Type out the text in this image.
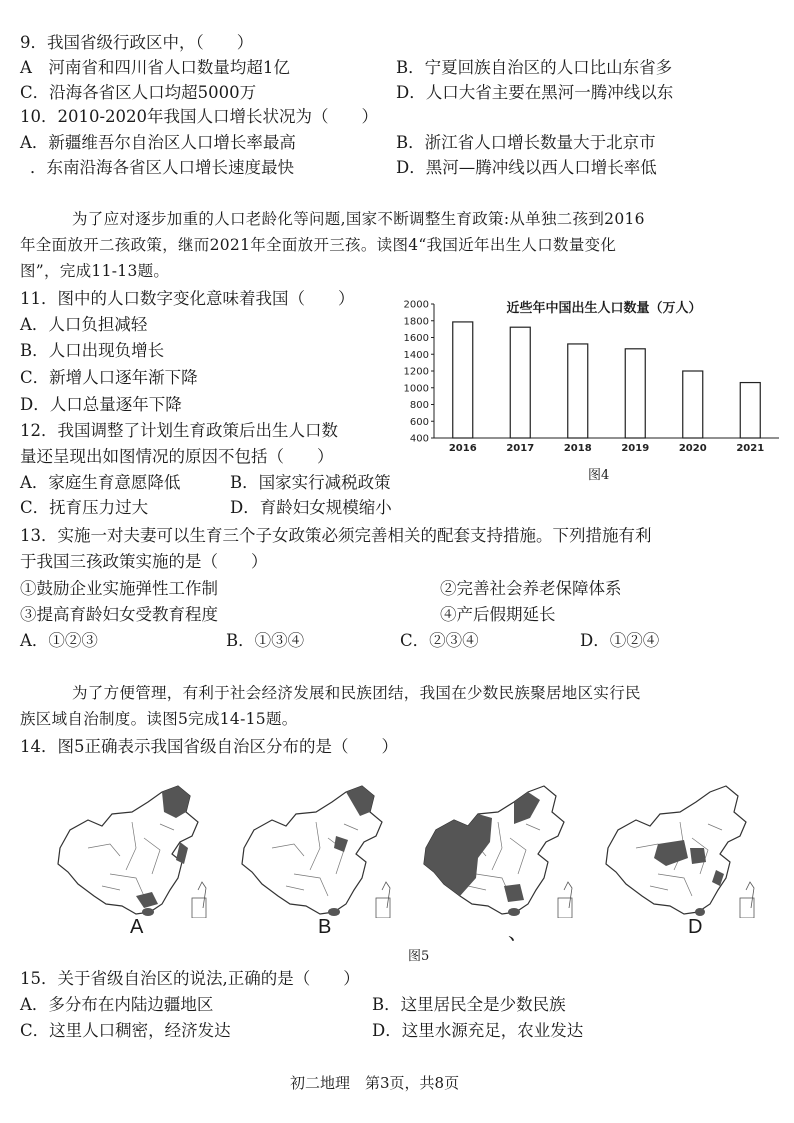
9．我国省级行政区中，（　　）
A　河南省和四川省人口数量均超1亿	B．宁夏回族自治区的人口比山东省多
C．沿海各省区人口均超5000万	D．人口大省主要在黑河一腾冲线以东
10．2010-2020年我国人口增长状况为（　　）
A．新疆维吾尔自治区人口增长率最高	B．浙江省人口增长数量大于北京市
．东南沿海各省区人口增长速度最快	D．黑河—腾冲线以西人口增长率低
为了应对逐步加重的人口老龄化等问题,国家不断调整生育政策:从单独二孩到2016
年全面放开二孩政策，继而2021年全面放开三孩。读图4“我国近年出生人口数量变化
图”，完成11-13题。
11．图中的人口数字变化意味着我国（　　）
A．人口负担减轻
B．人口出现负增长
C．新增人口逐年渐下降
D．人口总量逐年下降
12．我国调整了计划生育政策后出生人口数
量还呈现出如图情况的原因不包括（　　）
A．家庭生育意愿降低	B．国家实行减税政策
C．抚育压力过大	D．育龄妇女规模缩小
近些年中国出生人口数量（万人）
400
600
800
1000
1200
1400
1600
1800
2000
2016	2017	2018	2019	2020	2021
图4
13．实施一对夫妻可以生育三个子女政策必须完善相关的配套支持措施。下列措施有利
于我国三孩政策实施的是（　　）
①鼓励企业实施弹性工作制	②完善社会养老保障体系
③提高育龄妇女受教育程度	④产后假期延长
A．①②③	B．①③④	C．②③④	D．①②④
为了方便管理，有利于社会经济发展和民族团结，我国在少数民族聚居地区实行民
族区域自治制度。读图5完成14-15题。
14．图5正确表示我国省级自治区分布的是（　　）
A	B	、	D
图5
15．关于省级自治区的说法,正确的是（　　）
A．多分布在内陆边疆地区	B．这里居民全是少数民族
C．这里人口稠密，经济发达	D．这里水源充足，农业发达
初二地理　第3页，共8页
